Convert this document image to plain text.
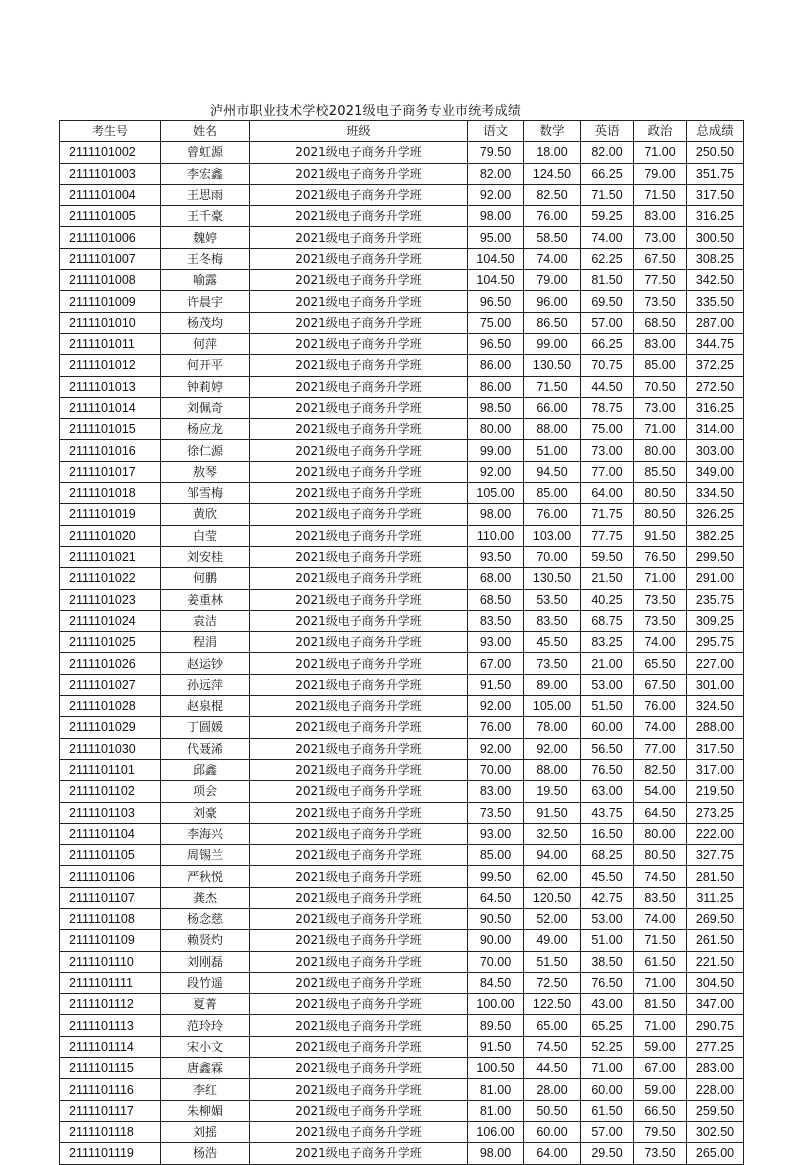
泸州市职业技术学校2021级电子商务专业市统考成绩
考生号	姓名	班级	语文	数学	英语	政治	总成绩
2111101002	曾虹源	2021级电子商务升学班	79.50	18.00	82.00	71.00	250.50
2111101003	李宏鑫	2021级电子商务升学班	82.00	124.50	66.25	79.00	351.75
2111101004	王思雨	2021级电子商务升学班	92.00	82.50	71.50	71.50	317.50
2111101005	王千豪	2021级电子商务升学班	98.00	76.00	59.25	83.00	316.25
2111101006	魏婷	2021级电子商务升学班	95.00	58.50	74.00	73.00	300.50
2111101007	王冬梅	2021级电子商务升学班	104.50	74.00	62.25	67.50	308.25
2111101008	喻露	2021级电子商务升学班	104.50	79.00	81.50	77.50	342.50
2111101009	许晨宇	2021级电子商务升学班	96.50	96.00	69.50	73.50	335.50
2111101010	杨茂均	2021级电子商务升学班	75.00	86.50	57.00	68.50	287.00
2111101011	何萍	2021级电子商务升学班	96.50	99.00	66.25	83.00	344.75
2111101012	何开平	2021级电子商务升学班	86.00	130.50	70.75	85.00	372.25
2111101013	钟莉婷	2021级电子商务升学班	86.00	71.50	44.50	70.50	272.50
2111101014	刘佩奇	2021级电子商务升学班	98.50	66.00	78.75	73.00	316.25
2111101015	杨应龙	2021级电子商务升学班	80.00	88.00	75.00	71.00	314.00
2111101016	徐仁源	2021级电子商务升学班	99.00	51.00	73.00	80.00	303.00
2111101017	敖琴	2021级电子商务升学班	92.00	94.50	77.00	85.50	349.00
2111101018	邹雪梅	2021级电子商务升学班	105.00	85.00	64.00	80.50	334.50
2111101019	黄欣	2021级电子商务升学班	98.00	76.00	71.75	80.50	326.25
2111101020	白莹	2021级电子商务升学班	110.00	103.00	77.75	91.50	382.25
2111101021	刘安桂	2021级电子商务升学班	93.50	70.00	59.50	76.50	299.50
2111101022	何鹏	2021级电子商务升学班	68.00	130.50	21.50	71.00	291.00
2111101023	姜重林	2021级电子商务升学班	68.50	53.50	40.25	73.50	235.75
2111101024	袁洁	2021级电子商务升学班	83.50	83.50	68.75	73.50	309.25
2111101025	程涓	2021级电子商务升学班	93.00	45.50	83.25	74.00	295.75
2111101026	赵运钞	2021级电子商务升学班	67.00	73.50	21.00	65.50	227.00
2111101027	孙远萍	2021级电子商务升学班	91.50	89.00	53.00	67.50	301.00
2111101028	赵泉棍	2021级电子商务升学班	92.00	105.00	51.50	76.00	324.50
2111101029	丁圆媛	2021级电子商务升学班	76.00	78.00	60.00	74.00	288.00
2111101030	代聂浠	2021级电子商务升学班	92.00	92.00	56.50	77.00	317.50
2111101101	邱鑫	2021级电子商务升学班	70.00	88.00	76.50	82.50	317.00
2111101102	项会	2021级电子商务升学班	83.00	19.50	63.00	54.00	219.50
2111101103	刘豪	2021级电子商务升学班	73.50	91.50	43.75	64.50	273.25
2111101104	李海兴	2021级电子商务升学班	93.00	32.50	16.50	80.00	222.00
2111101105	周锡兰	2021级电子商务升学班	85.00	94.00	68.25	80.50	327.75
2111101106	严秋悦	2021级电子商务升学班	99.50	62.00	45.50	74.50	281.50
2111101107	龚杰	2021级电子商务升学班	64.50	120.50	42.75	83.50	311.25
2111101108	杨念慈	2021级电子商务升学班	90.50	52.00	53.00	74.00	269.50
2111101109	赖贤灼	2021级电子商务升学班	90.00	49.00	51.00	71.50	261.50
2111101110	刘刚磊	2021级电子商务升学班	70.00	51.50	38.50	61.50	221.50
2111101111	段竹遥	2021级电子商务升学班	84.50	72.50	76.50	71.00	304.50
2111101112	夏菁	2021级电子商务升学班	100.00	122.50	43.00	81.50	347.00
2111101113	范玲玲	2021级电子商务升学班	89.50	65.00	65.25	71.00	290.75
2111101114	宋小文	2021级电子商务升学班	91.50	74.50	52.25	59.00	277.25
2111101115	唐鑫霖	2021级电子商务升学班	100.50	44.50	71.00	67.00	283.00
2111101116	李红	2021级电子商务升学班	81.00	28.00	60.00	59.00	228.00
2111101117	朱柳媚	2021级电子商务升学班	81.00	50.50	61.50	66.50	259.50
2111101118	刘摇	2021级电子商务升学班	106.00	60.00	57.00	79.50	302.50
2111101119	杨浩	2021级电子商务升学班	98.00	64.00	29.50	73.50	265.00
